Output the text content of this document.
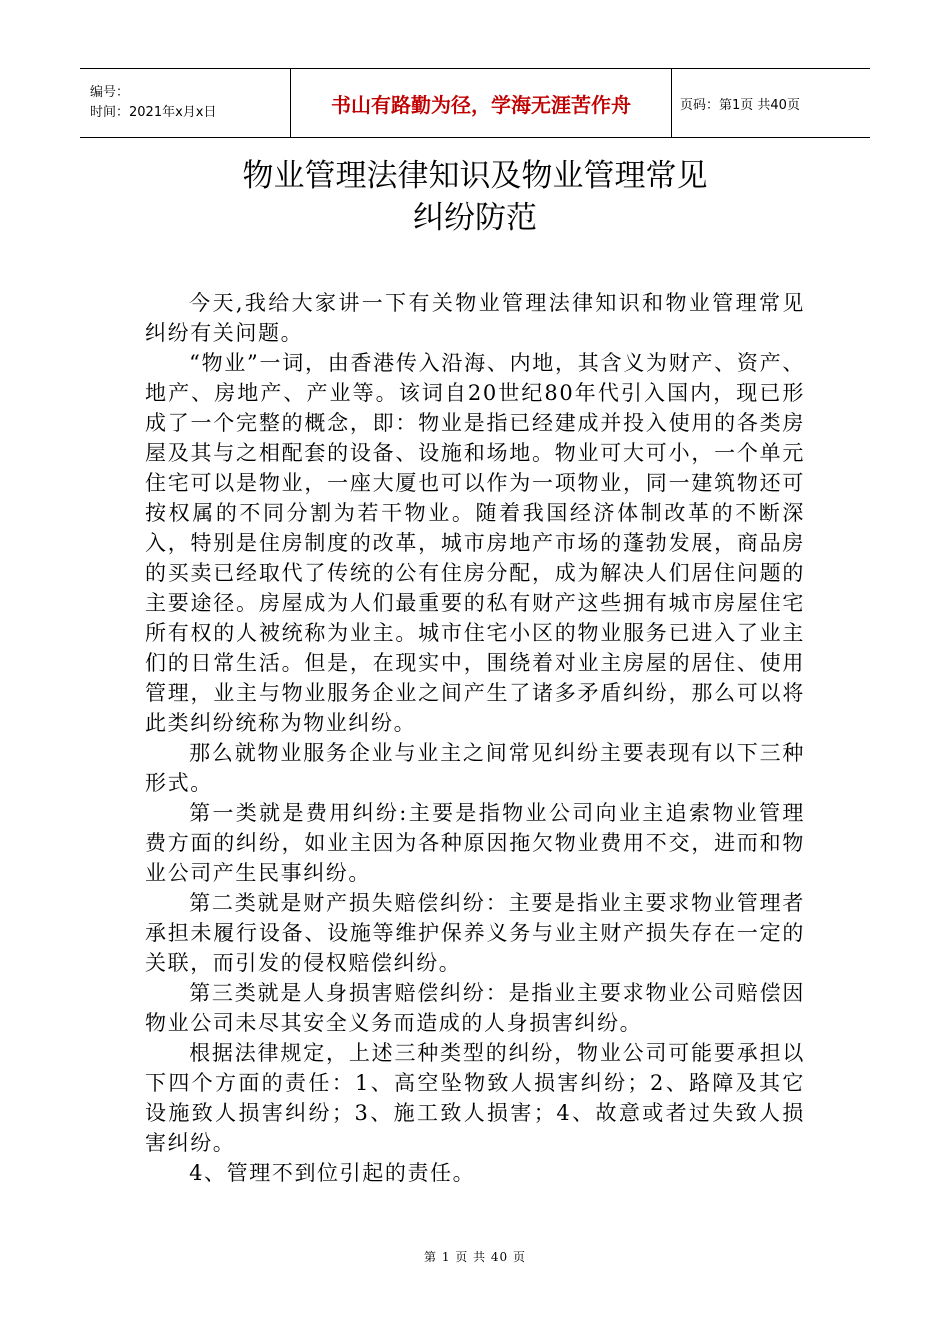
编号：
时间：2021年x月x日	书山有路勤为径，学海无涯苦作舟	页码：第1页 共40页
物业管理法律知识及物业管理常见
纠纷防范

今天,我给大家讲一下有关物业管理法律知识和物业管理常见纠纷有关问题。

“物业”一词，由香港传入沿海、内地，其含义为财产、资产、地产、房地产、产业等。该词自20世纪80年代引入国内，现已形成了一个完整的概念，即：物业是指已经建成并投入使用的各类房屋及其与之相配套的设备、设施和场地。物业可大可小，一个单元住宅可以是物业，一座大厦也可以作为一项物业，同一建筑物还可按权属的不同分割为若干物业。随着我国经济体制改革的不断深入，特别是住房制度的改革，城市房地产市场的蓬勃发展，商品房的买卖已经取代了传统的公有住房分配，成为解决人们居住问题的主要途径。房屋成为人们最重要的私有财产这些拥有城市房屋住宅所有权的人被统称为业主。城市住宅小区的物业服务已进入了业主们的日常生活。但是，在现实中，围绕着对业主房屋的居住、使用管理，业主与物业服务企业之间产生了诸多矛盾纠纷，那么可以将此类纠纷统称为物业纠纷。

那么就物业服务企业与业主之间常见纠纷主要表现有以下三种形式。

第一类就是费用纠纷:主要是指物业公司向业主追索物业管理费方面的纠纷，如业主因为各种原因拖欠物业费用不交，进而和物业公司产生民事纠纷。

第二类就是财产损失赔偿纠纷：主要是指业主要求物业管理者承担未履行设备、设施等维护保养义务与业主财产损失存在一定的关联，而引发的侵权赔偿纠纷。

第三类就是人身损害赔偿纠纷：是指业主要求物业公司赔偿因物业公司未尽其安全义务而造成的人身损害纠纷。

根据法律规定，上述三种类型的纠纷，物业公司可能要承担以下四个方面的责任：1、高空坠物致人损害纠纷；2、路障及其它设施致人损害纠纷；3、施工致人损害；4、故意或者过失致人损害纠纷。

4、管理不到位引起的责任。

第 1 页 共 40 页
